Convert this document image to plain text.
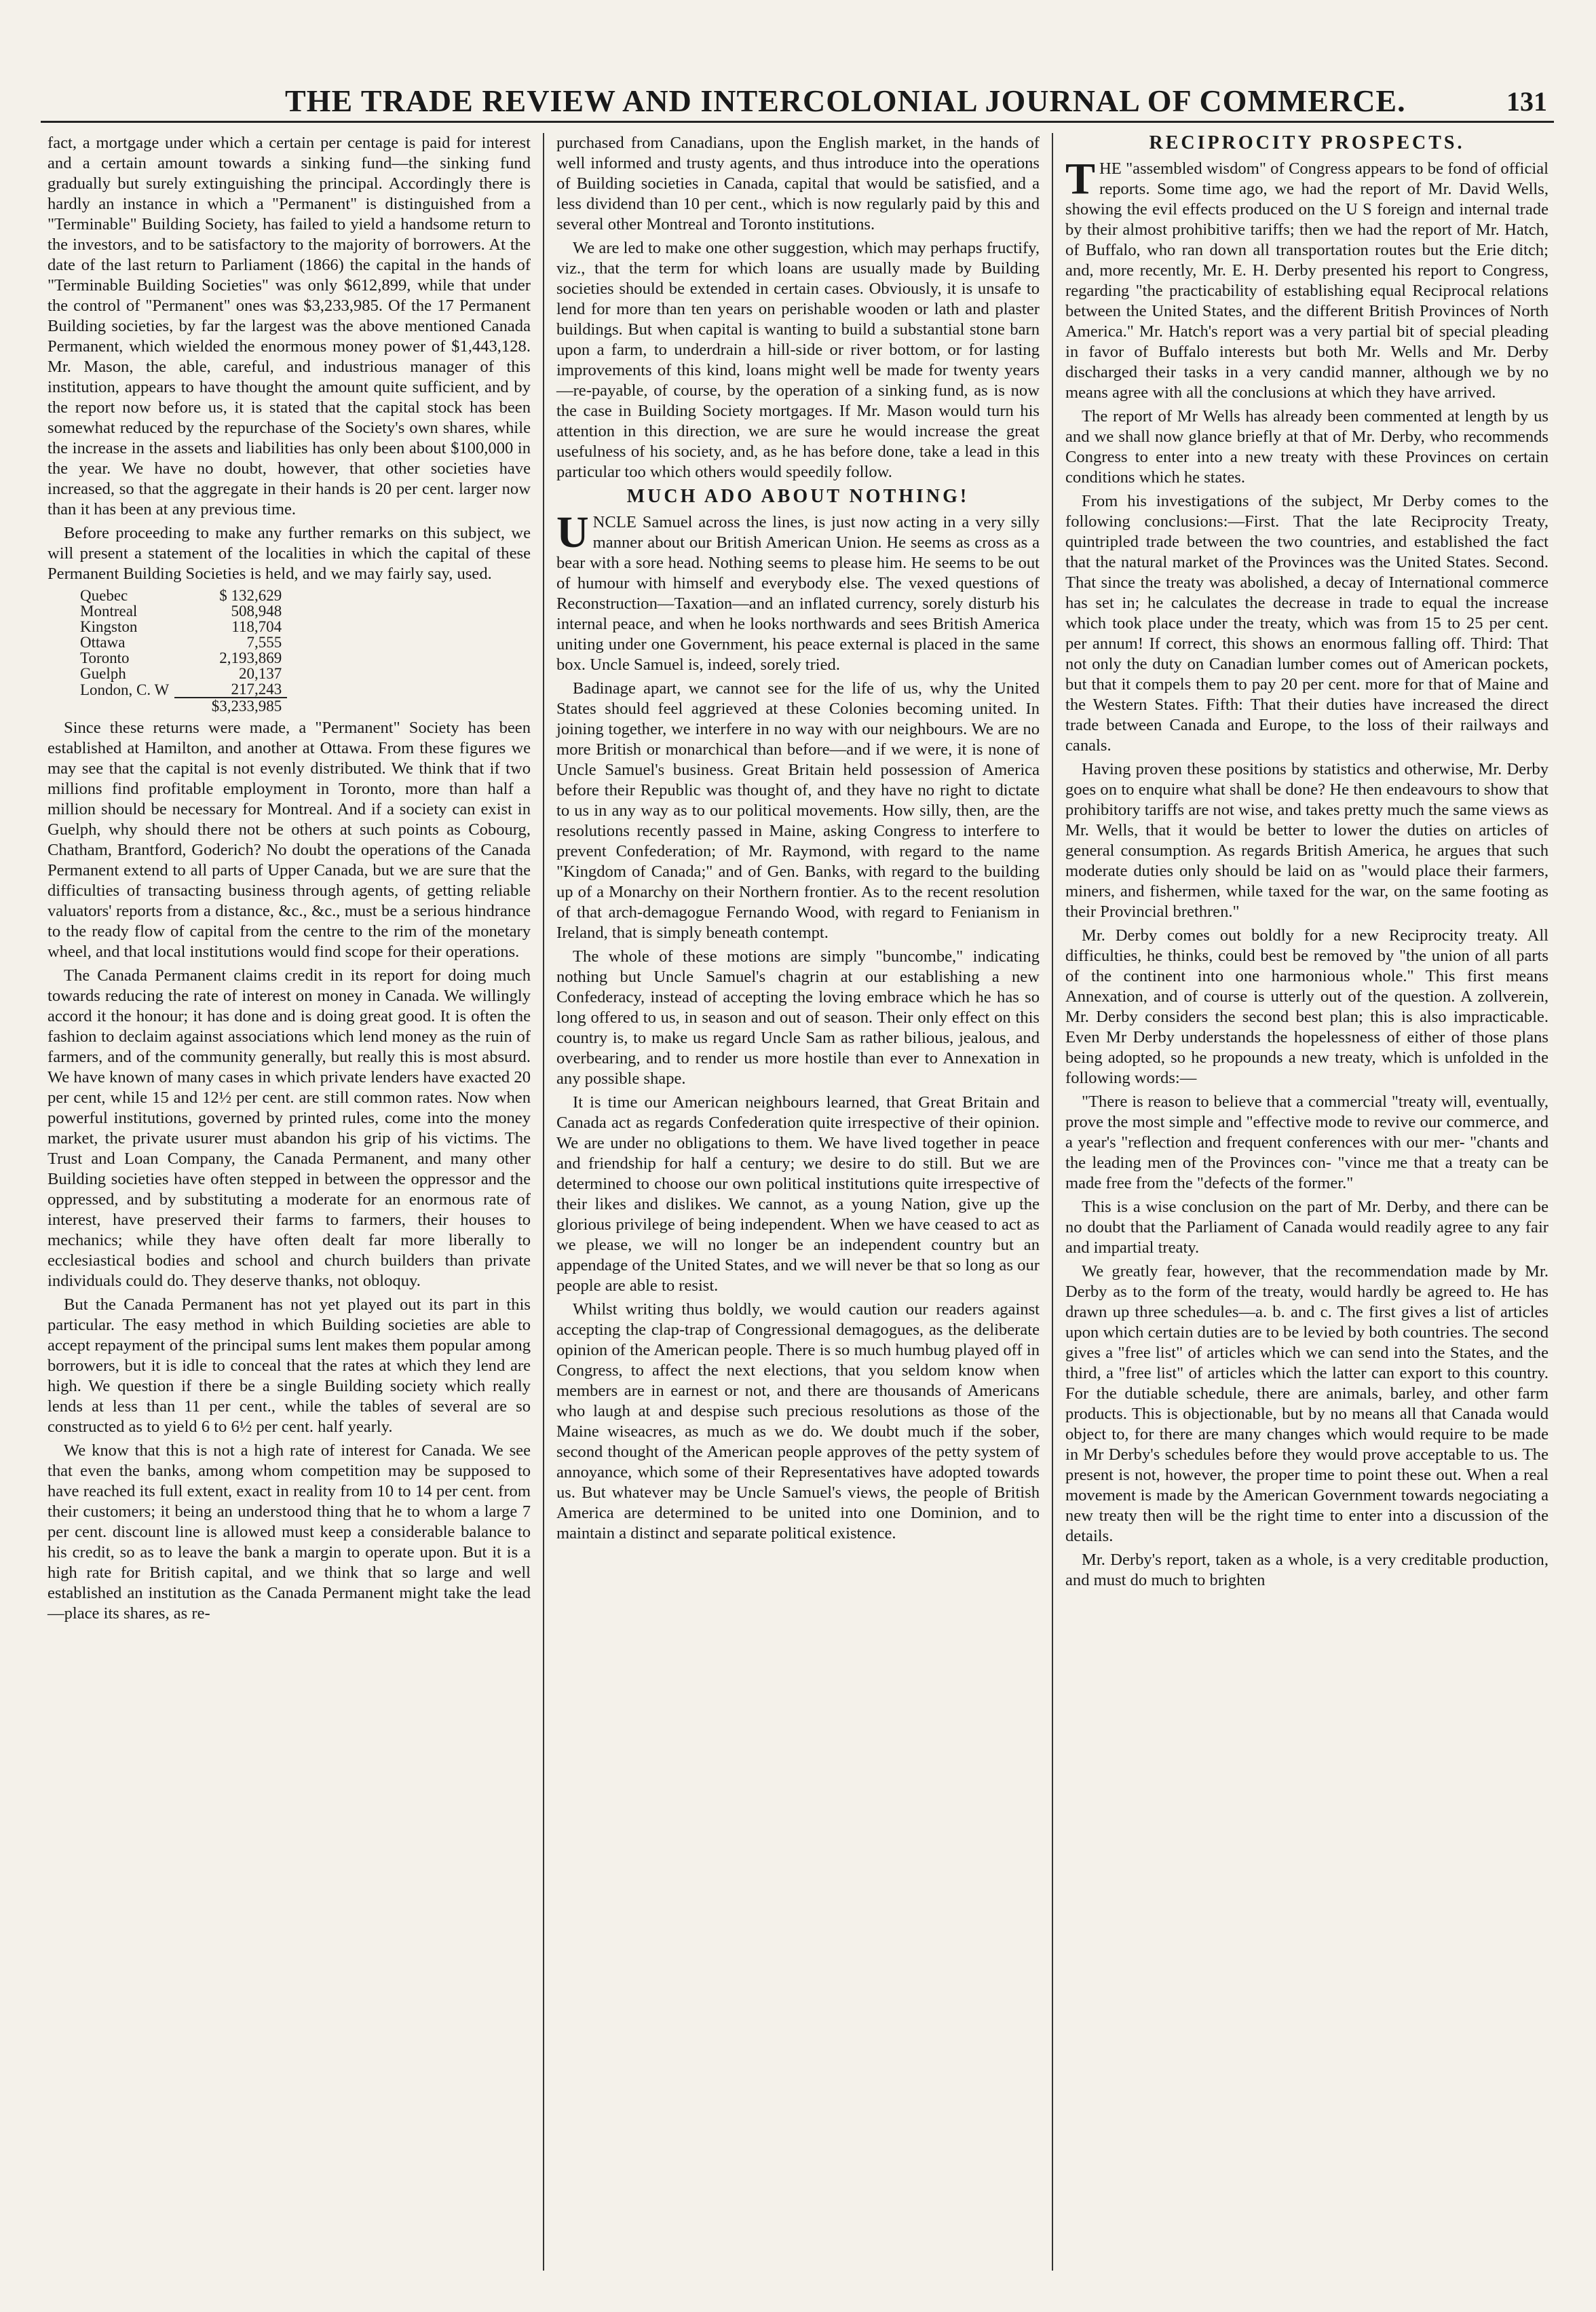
THE TRADE REVIEW AND INTERCOLONIAL JOURNAL OF COMMERCE.	131

fact, a mortgage under which a certain per centage is paid for interest and a certain amount towards a sinking fund—the sinking fund gradually but surely extinguishing the principal. Accordingly there is hardly an instance in which a "Permanent" is distinguished from a "Terminable" Building Society, has failed to yield a handsome return to the investors, and to be satisfactory to the majority of borrowers. At the date of the last return to Parliament (1866) the capital in the hands of "Terminable Building Societies" was only $612,899, while that under the control of "Permanent" ones was $3,233,985. Of the 17 Permanent Building societies, by far the largest was the above mentioned Canada Permanent, which wielded the enormous money power of $1,443,128. Mr. Mason, the able, careful, and industrious manager of this institution, appears to have thought the amount quite sufficient, and by the report now before us, it is stated that the capital stock has been somewhat reduced by the repurchase of the Society's own shares, while the increase in the assets and liabilities has only been about $100,000 in the year. We have no doubt, however, that other societies have increased, so that the aggregate in their hands is 20 per cent. larger now than it has been at any previous time.

Before proceeding to make any further remarks on this subject, we will present a statement of the localities in which the capital of these Permanent Building Societies is held, and we may fairly say, used.

Quebec	$ 132,629
Montreal	508,948
Kingston	118,704
Ottawa	7,555
Toronto	2,193,869
Guelph	20,137
London, C. W	217,243
	$3,233,985

Since these returns were made, a "Permanent" Society has been established at Hamilton, and another at Ottawa. From these figures we may see that the capital is not evenly distributed. We think that if two millions find profitable employment in Toronto, more than half a million should be necessary for Montreal. And if a society can exist in Guelph, why should there not be others at such points as Cobourg, Chatham, Brantford, Goderich? No doubt the operations of the Canada Permanent extend to all parts of Upper Canada, but we are sure that the difficulties of transacting business through agents, of getting reliable valuators' reports from a distance, &c., &c., must be a serious hindrance to the ready flow of capital from the centre to the rim of the monetary wheel, and that local institutions would find scope for their operations.

The Canada Permanent claims credit in its report for doing much towards reducing the rate of interest on money in Canada. We willingly accord it the honour; it has done and is doing great good. It is often the fashion to declaim against associations which lend money as the ruin of farmers, and of the community generally, but really this is most absurd. We have known of many cases in which private lenders have exacted 20 per cent, while 15 and 12½ per cent. are still common rates. Now when powerful institutions, governed by printed rules, come into the money market, the private usurer must abandon his grip of his victims. The Trust and Loan Company, the Canada Permanent, and many other Building societies have often stepped in between the oppressor and the oppressed, and by substituting a moderate for an enormous rate of interest, have preserved their farms to farmers, their houses to mechanics; while they have often dealt far more liberally to ecclesiastical bodies and school and church builders than private individuals could do. They deserve thanks, not obloquy.

But the Canada Permanent has not yet played out its part in this particular. The easy method in which Building societies are able to accept repayment of the principal sums lent makes them popular among borrowers, but it is idle to conceal that the rates at which they lend are high. We question if there be a single Building society which really lends at less than 11 per cent., while the tables of several are so constructed as to yield 6 to 6½ per cent. half yearly.

We know that this is not a high rate of interest for Canada. We see that even the banks, among whom competition may be supposed to have reached its full extent, exact in reality from 10 to 14 per cent. from their customers; it being an understood thing that he to whom a large 7 per cent. discount line is allowed must keep a considerable balance to his credit, so as to leave the bank a margin to operate upon. But it is a high rate for British capital, and we think that so large and well established an institution as the Canada Permanent might take the lead—place its shares, as re-

purchased from Canadians, upon the English market, in the hands of well informed and trusty agents, and thus introduce into the operations of Building societies in Canada, capital that would be satisfied, and a less dividend than 10 per cent., which is now regularly paid by this and several other Montreal and Toronto institutions.

We are led to make one other suggestion, which may perhaps fructify, viz., that the term for which loans are usually made by Building societies should be extended in certain cases. Obviously, it is unsafe to lend for more than ten years on perishable wooden or lath and plaster buildings. But when capital is wanting to build a substantial stone barn upon a farm, to underdrain a hill-side or river bottom, or for lasting improvements of this kind, loans might well be made for twenty years—re-payable, of course, by the operation of a sinking fund, as is now the case in Building Society mortgages. If Mr. Mason would turn his attention in this direction, we are sure he would increase the great usefulness of his society, and, as he has before done, take a lead in this particular too which others would speedily follow.

MUCH ADO ABOUT NOTHING!

UNCLE Samuel across the lines, is just now acting in a very silly manner about our British American Union. He seems as cross as a bear with a sore head. Nothing seems to please him. He seems to be out of humour with himself and everybody else. The vexed questions of Reconstruction—Taxation—and an inflated currency, sorely disturb his internal peace, and when he looks northwards and sees British America uniting under one Government, his peace external is placed in the same box. Uncle Samuel is, indeed, sorely tried.

Badinage apart, we cannot see for the life of us, why the United States should feel aggrieved at these Colonies becoming united. In joining together, we interfere in no way with our neighbours. We are no more British or monarchical than before—and if we were, it is none of Uncle Samuel's business. Great Britain held possession of America before their Republic was thought of, and they have no right to dictate to us in any way as to our political movements. How silly, then, are the resolutions recently passed in Maine, asking Congress to interfere to prevent Confederation; of Mr. Raymond, with regard to the name "Kingdom of Canada;" and of Gen. Banks, with regard to the building up of a Monarchy on their Northern frontier. As to the recent resolution of that arch-demagogue Fernando Wood, with regard to Fenianism in Ireland, that is simply beneath contempt.

The whole of these motions are simply "buncombe," indicating nothing but Uncle Samuel's chagrin at our establishing a new Confederacy, instead of accepting the loving embrace which he has so long offered to us, in season and out of season. Their only effect on this country is, to make us regard Uncle Sam as rather bilious, jealous, and overbearing, and to render us more hostile than ever to Annexation in any possible shape.

It is time our American neighbours learned, that Great Britain and Canada act as regards Confederation quite irrespective of their opinion. We are under no obligations to them. We have lived together in peace and friendship for half a century; we desire to do still. But we are determined to choose our own political institutions quite irrespective of their likes and dislikes. We cannot, as a young Nation, give up the glorious privilege of being independent. When we have ceased to act as we please, we will no longer be an independent country but an appendage of the United States, and we will never be that so long as our people are able to resist.

Whilst writing thus boldly, we would caution our readers against accepting the clap-trap of Congressional demagogues, as the deliberate opinion of the American people. There is so much humbug played off in Congress, to affect the next elections, that you seldom know when members are in earnest or not, and there are thousands of Americans who laugh at and despise such precious resolutions as those of the Maine wiseacres, as much as we do. We doubt much if the sober, second thought of the American people approves of the petty system of annoyance, which some of their Representatives have adopted towards us. But whatever may be Uncle Samuel's views, the people of British America are determined to be united into one Dominion, and to maintain a distinct and separate political existence.

RECIPROCITY PROSPECTS.

THE "assembled wisdom" of Congress appears to be fond of official reports. Some time ago, we had the report of Mr. David Wells, showing the evil effects produced on the U S foreign and internal trade by their almost prohibitive tariffs; then we had the report of Mr. Hatch, of Buffalo, who ran down all transportation routes but the Erie ditch; and, more recently, Mr. E. H. Derby presented his report to Congress, regarding "the practicability of establishing equal Reciprocal relations between the United States, and the different British Provinces of North America." Mr. Hatch's report was a very partial bit of special pleading in favor of Buffalo interests but both Mr. Wells and Mr. Derby discharged their tasks in a very candid manner, although we by no means agree with all the conclusions at which they have arrived.

The report of Mr Wells has already been commented at length by us and we shall now glance briefly at that of Mr. Derby, who recommends Congress to enter into a new treaty with these Provinces on certain conditions which he states.

From his investigations of the subject, Mr Derby comes to the following conclusions:—First. That the late Reciprocity Treaty, quintripled trade between the two countries, and established the fact that the natural market of the Provinces was the United States. Second. That since the treaty was abolished, a decay of International commerce has set in; he calculates the decrease in trade to equal the increase which took place under the treaty, which was from 15 to 25 per cent. per annum! If correct, this shows an enormous falling off. Third: That not only the duty on Canadian lumber comes out of American pockets, but that it compels them to pay 20 per cent. more for that of Maine and the Western States. Fifth: That their duties have increased the direct trade between Canada and Europe, to the loss of their railways and canals.

Having proven these positions by statistics and otherwise, Mr. Derby goes on to enquire what shall be done? He then endeavours to show that prohibitory tariffs are not wise, and takes pretty much the same views as Mr. Wells, that it would be better to lower the duties on articles of general consumption. As regards British America, he argues that such moderate duties only should be laid on as "would place their farmers, miners, and fishermen, while taxed for the war, on the same footing as their Provincial brethren."

Mr. Derby comes out boldly for a new Reciprocity treaty. All difficulties, he thinks, could best be removed by "the union of all parts of the continent into one harmonious whole." This first means Annexation, and of course is utterly out of the question. A zollverein, Mr. Derby considers the second best plan; this is also impracticable. Even Mr Derby understands the hopelessness of either of those plans being adopted, so he propounds a new treaty, which is unfolded in the following words:—

"There is reason to believe that a commercial "treaty will, eventually, prove the most simple and "effective mode to revive our commerce, and a year's "reflection and frequent conferences with our mer- "chants and the leading men of the Provinces con- "vince me that a treaty can be made free from the "defects of the former."

This is a wise conclusion on the part of Mr. Derby, and there can be no doubt that the Parliament of Canada would readily agree to any fair and impartial treaty.

We greatly fear, however, that the recommendation made by Mr. Derby as to the form of the treaty, would hardly be agreed to. He has drawn up three schedules—a. b. and c. The first gives a list of articles upon which certain duties are to be levied by both countries. The second gives a "free list" of articles which we can send into the States, and the third, a "free list" of articles which the latter can export to this country. For the dutiable schedule, there are animals, barley, and other farm products. This is objectionable, but by no means all that Canada would object to, for there are many changes which would require to be made in Mr Derby's schedules before they would prove acceptable to us. The present is not, however, the proper time to point these out. When a real movement is made by the American Government towards negociating a new treaty then will be the right time to enter into a discussion of the details.

Mr. Derby's report, taken as a whole, is a very creditable production, and must do much to brighten
